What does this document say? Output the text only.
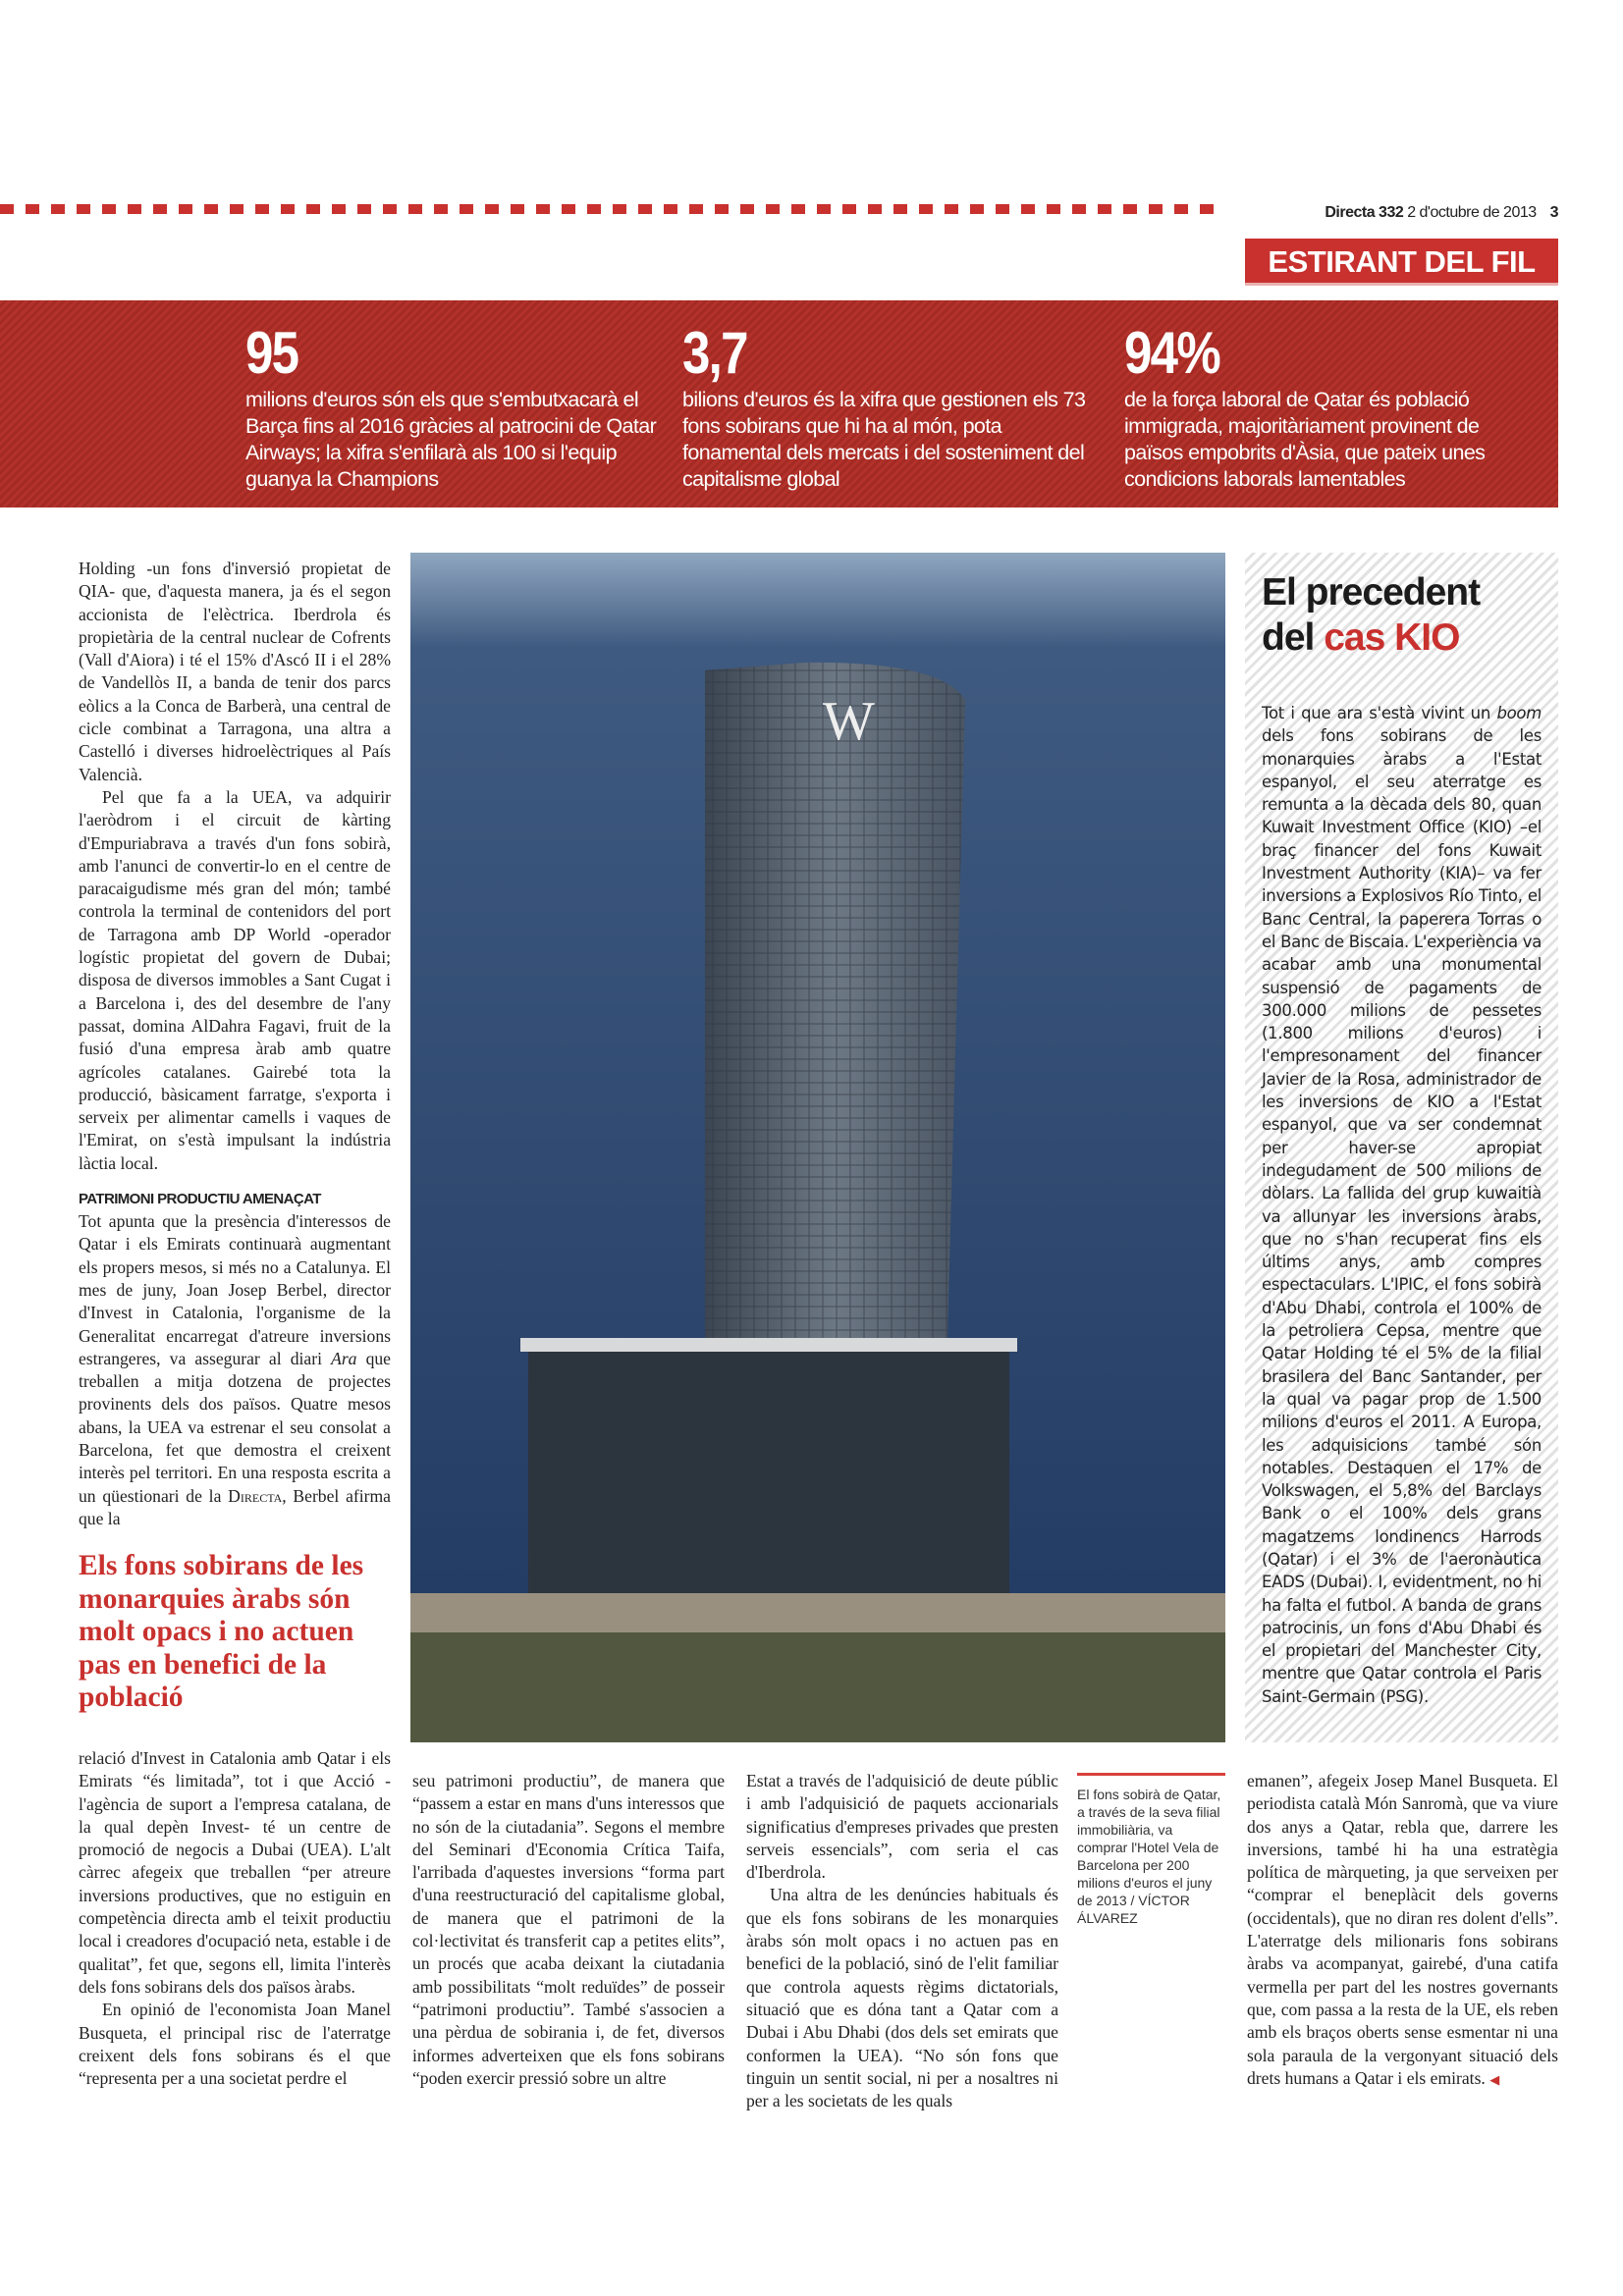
Directa 332 2 d'octubre de 2013 3
ESTIRANT DEL FIL
95
milions d'euros són els que s'embutxacarà el Barça fins al 2016 gràcies al patrocini de Qatar Airways; la xifra s'enfilarà als 100 si l'equip guanya la Champions
3,7
bilions d'euros és la xifra que gestionen els 73 fons sobirans que hi ha al món, pota fonamental dels mercats i del sosteniment del capitalisme global
94%
de la força laboral de Qatar és població immigrada, majoritàriament provinent de països empobrits d'Àsia, que pateix unes condicions laborals lamentables

Holding -un fons d'inversió propietat de QIA- que, d'aquesta manera, ja és el segon accionista de l'elèctrica. Iberdrola és propietària de la central nuclear de Cofrents (Vall d'Aiora) i té el 15% d'Ascó II i el 28% de Vandellòs II, a banda de tenir dos parcs eòlics a la Conca de Barberà, una central de cicle combinat a Tarragona, una altra a Castelló i diverses hidroelèctriques al País Valencià.

Pel que fa a la UEA, va adquirir l'aeròdrom i el circuit de kàrting d'Empuriabrava a través d'un fons sobirà, amb l'anunci de convertir-lo en el centre de paracaigudisme més gran del món; també controla la terminal de contenidors del port de Tarragona amb DP World -operador logístic propietat del govern de Dubai; disposa de diversos immobles a Sant Cugat i a Barcelona i, des del desembre de l'any passat, domina AlDahra Fagavi, fruit de la fusió d'una empresa àrab amb quatre agrícoles catalanes. Gairebé tota la producció, bàsicament farratge, s'exporta i serveix per alimentar camells i vaques de l'Emirat, on s'està impulsant la indústria làctia local.

PATRIMONI PRODUCTIU AMENAÇAT

Tot apunta que la presència d'interessos de Qatar i els Emirats continuarà augmentant els propers mesos, si més no a Catalunya. El mes de juny, Joan Josep Berbel, director d'Invest in Catalonia, l'organisme de la Generalitat encarregat d'atreure inversions estrangeres, va assegurar al diari Ara que treballen a mitja dotzena de projectes provinents dels dos països. Quatre mesos abans, la UEA va estrenar el seu consolat a Barcelona, fet que demostra el creixent interès pel territori. En una resposta escrita a un qüestionari de la Directa, Berbel afirma que la

Els fons sobirans de les monarquies àrabs són molt opacs i no actuen pas en benefici de la població
W
El precedent
del cas KIO
Tot i que ara s'està vivint un boom dels fons sobirans de les monarquies àrabs a l'Estat espanyol, el seu aterratge es remunta a la dècada dels 80, quan Kuwait Investment Office (KIO) –el braç financer del fons Kuwait Investment Authority (KIA)– va fer inversions a Explosivos Río Tinto, el Banc Central, la paperera Torras o el Banc de Biscaia. L'experiència va acabar amb una monumental suspensió de pagaments de 300.000 milions de pessetes (1.800 milions d'euros) i l'empresonament del financer Javier de la Rosa, administrador de les inversions de KIO a l'Estat espanyol, que va ser condemnat per haver-se apropiat indegudament de 500 milions de dòlars. La fallida del grup kuwaitià va allunyar les inversions àrabs, que no s'han recuperat fins els últims anys, amb compres espectaculars. L'IPIC, el fons sobirà d'Abu Dhabi, controla el 100% de la petroliera Cepsa, mentre que Qatar Holding té el 5% de la filial brasilera del Banc Santander, per la qual va pagar prop de 1.500 milions d'euros el 2011. A Europa, les adquisicions també són notables. Destaquen el 17% de Volkswagen, el 5,8% del Barclays Bank o el 100% dels grans magatzems londinencs Harrods (Qatar) i el 3% de l'aeronàutica EADS (Dubai). I, evidentment, no hi ha falta el futbol. A banda de grans patrocinis, un fons d'Abu Dhabi és el propietari del Manchester City, mentre que Qatar controla el Paris Saint-Germain (PSG).

relació d'Invest in Catalonia amb Qatar i els Emirats “és limitada”, tot i que Acció -l'agència de suport a l'empresa catalana, de la qual depèn Invest- té un centre de promoció de negocis a Dubai (UEA). L'alt càrrec afegeix que treballen “per atreure inversions productives, que no estiguin en competència directa amb el teixit productiu local i creadores d'ocupació neta, estable i de qualitat”, fet que, segons ell, limita l'interès dels fons sobirans dels dos països àrabs.

En opinió de l'economista Joan Manel Busqueta, el principal risc de l'aterratge creixent dels fons sobirans és el que “representa per a una societat perdre el

seu patrimoni productiu”, de manera que “passem a estar en mans d'uns interessos que no són de la ciutadania”. Segons el membre del Seminari d'Economia Crítica Taifa, l'arribada d'aquestes inversions “forma part d'una reestructuració del capitalisme global, de manera que el patrimoni de la col·lectivitat és transferit cap a petites elits”, un procés que acaba deixant la ciutadania amb possibilitats “molt reduïdes” de posseir “patrimoni productiu”. També s'associen a una pèrdua de sobirania i, de fet, diversos informes adverteixen que els fons sobirans “poden exercir pressió sobre un altre

Estat a través de l'adquisició de deute públic i amb l'adquisició de paquets accionarials significatius d'empreses privades que presten serveis essencials”, com seria el cas d'Iberdrola.

Una altra de les denúncies habituals és que els fons sobirans de les monarquies àrabs són molt opacs i no actuen pas en benefici de la població, sinó de l'elit familiar que controla aquests règims dictatorials, situació que es dóna tant a Qatar com a Dubai i Abu Dhabi (dos dels set emirats que conformen la UEA). “No són fons que tinguin un sentit social, ni per a nosaltres ni per a les societats de les quals

El fons sobirà de Qatar, a través de la seva filial immobiliària, va comprar l'Hotel Vela de Barcelona per 200 milions d'euros el juny de 2013 / VÍCTOR ÁLVAREZ

emanen”, afegeix Josep Manel Busqueta. El periodista català Món Sanromà, que va viure dos anys a Qatar, rebla que, darrere les inversions, també hi ha una estratègia política de màrqueting, ja que serveixen per “comprar el beneplàcit dels governs (occidentals), que no diran res dolent d'ells”. L'aterratge dels milionaris fons sobirans àrabs va acompanyat, gairebé, d'una catifa vermella per part del les nostres governants que, com passa a la resta de la UE, els reben amb els braços oberts sense esmentar ni una sola paraula de la vergonyant situació dels drets humans a Qatar i els emirats. ◀
